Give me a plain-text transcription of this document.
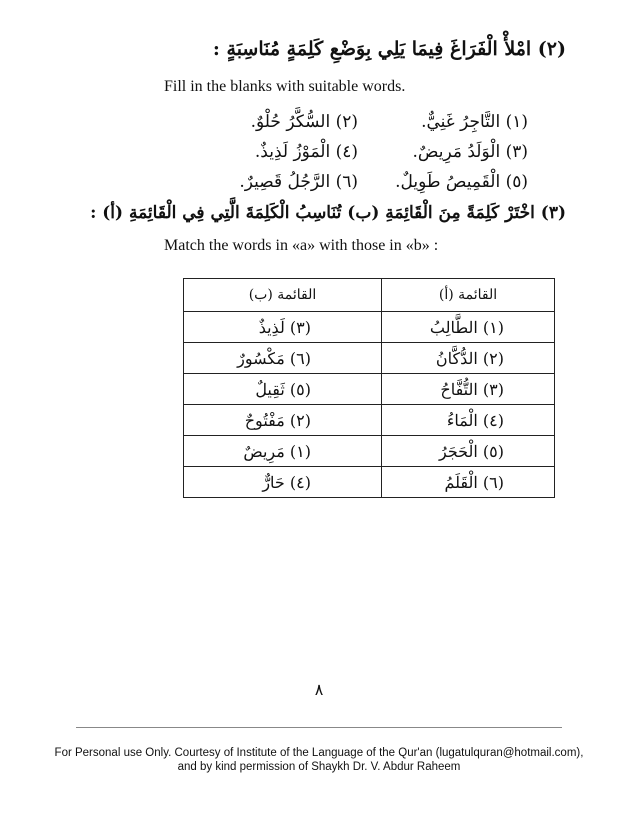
(٢) امْلأْ الْفَرَاغَ فِيمَا يَلِي بِوَضْعِ كَلِمَةٍ مُنَاسِبَةٍ :
Fill in the blanks with suitable words.
(١) التَّاجِرُ غَنِيٌّ.
(٢) السُّكَّرُ حُلْوٌ.
(٣) الْوَلَدُ مَرِيضٌ.
(٤) الْمَوْزُ لَذِيذٌ.
(٥) الْقَمِيصُ طَوِيلٌ.
(٦) الرَّجُلُ قَصِيرٌ.
(٣) اخْتَرْ كَلِمَةً مِنَ الْقَائِمَةِ (ب) تُنَاسِبُ الْكَلِمَةَ الَّتِي فِي الْقَائِمَةِ (أ) :
Match the words in «a» with those in «b» :
القائمة (أ)	القائمة (ب)
(١) الطَّالِبُ	(٣) لَذِيذٌ
(٢) الدُّكَّانُ	(٦) مَكْسُورٌ
(٣) التُّفَّاحُ	(٥) ثَقِيلٌ
(٤) الْمَاءُ	(٢) مَفْتُوحٌ
(٥) الْحَجَرُ	(١) مَرِيضٌ
(٦) الْقَلَمُ	(٤) حَارٌّ
٨
For Personal use Only. Courtesy of Institute of the Language of the Qur'an (lugatulquran@hotmail.com),
and by kind permission of Shaykh Dr. V. Abdur Raheem
